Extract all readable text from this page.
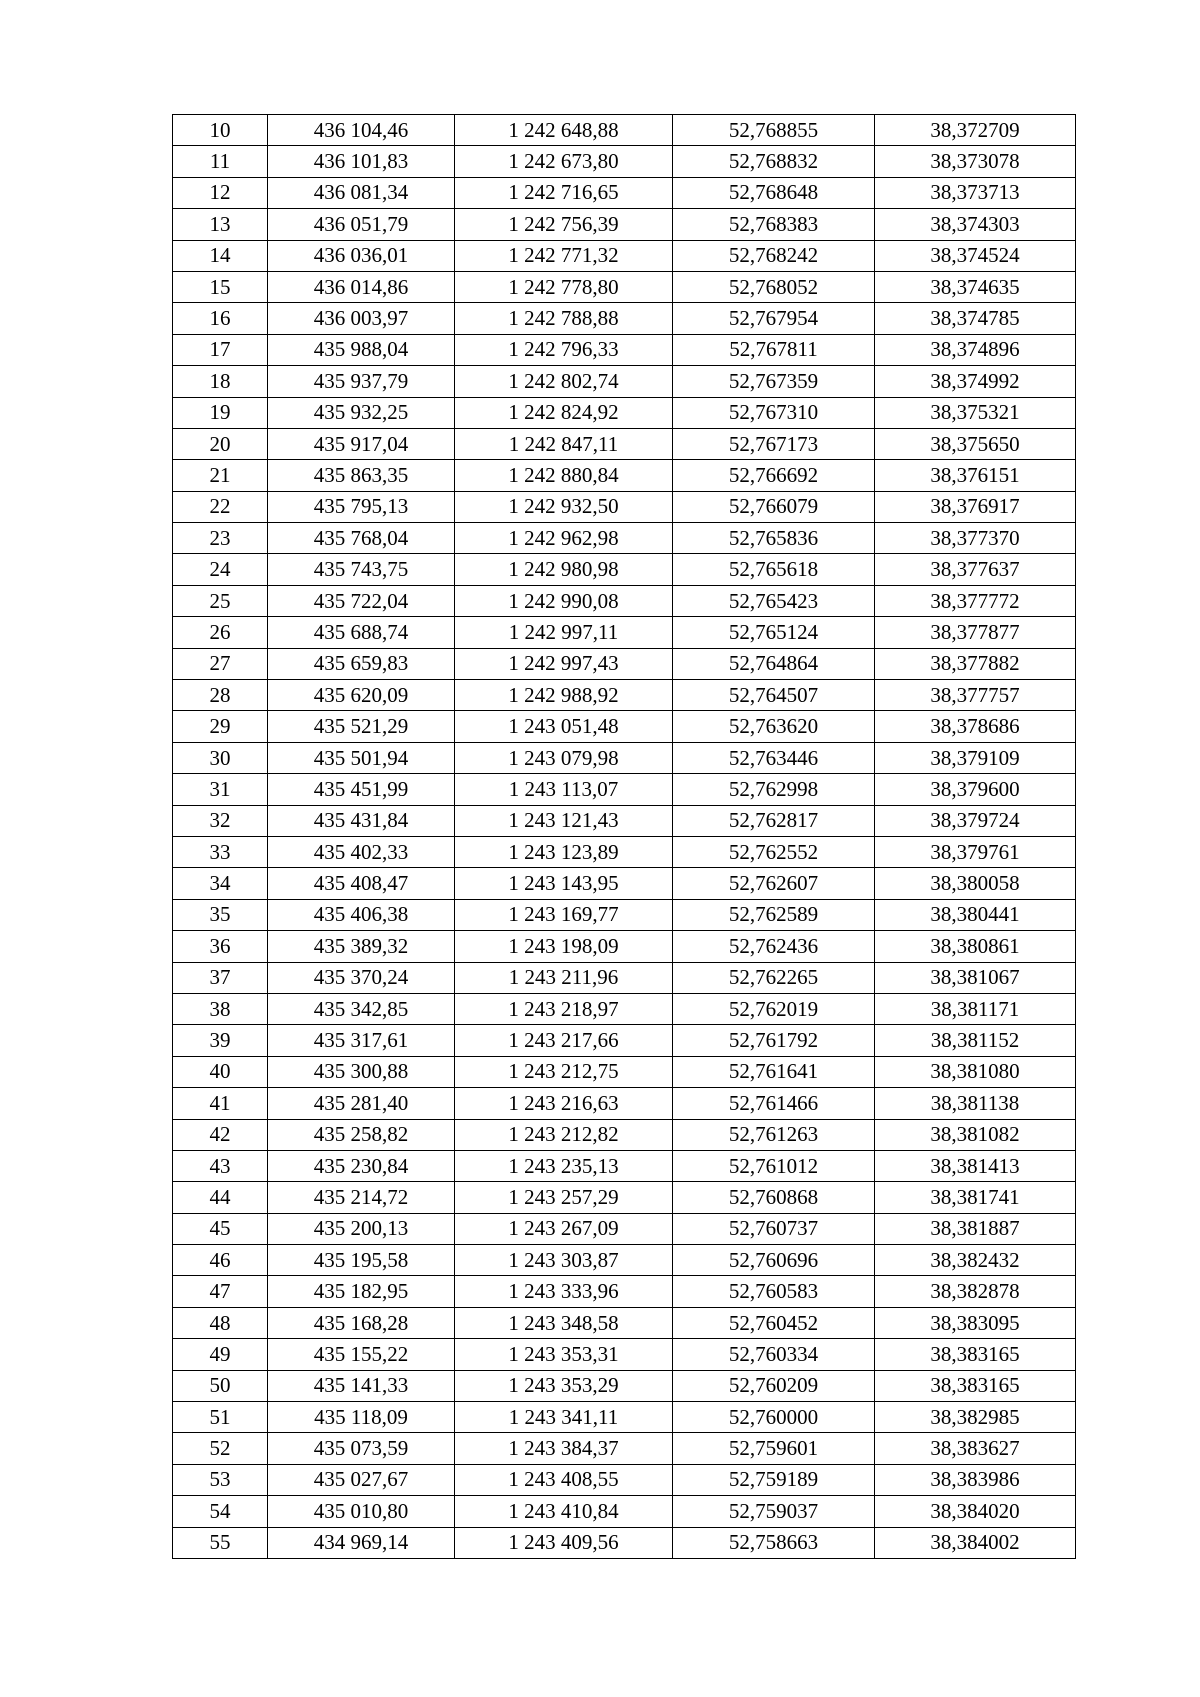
10	436 104,46	1 242 648,88	52,768855	38,372709
11	436 101,83	1 242 673,80	52,768832	38,373078
12	436 081,34	1 242 716,65	52,768648	38,373713
13	436 051,79	1 242 756,39	52,768383	38,374303
14	436 036,01	1 242 771,32	52,768242	38,374524
15	436 014,86	1 242 778,80	52,768052	38,374635
16	436 003,97	1 242 788,88	52,767954	38,374785
17	435 988,04	1 242 796,33	52,767811	38,374896
18	435 937,79	1 242 802,74	52,767359	38,374992
19	435 932,25	1 242 824,92	52,767310	38,375321
20	435 917,04	1 242 847,11	52,767173	38,375650
21	435 863,35	1 242 880,84	52,766692	38,376151
22	435 795,13	1 242 932,50	52,766079	38,376917
23	435 768,04	1 242 962,98	52,765836	38,377370
24	435 743,75	1 242 980,98	52,765618	38,377637
25	435 722,04	1 242 990,08	52,765423	38,377772
26	435 688,74	1 242 997,11	52,765124	38,377877
27	435 659,83	1 242 997,43	52,764864	38,377882
28	435 620,09	1 242 988,92	52,764507	38,377757
29	435 521,29	1 243 051,48	52,763620	38,378686
30	435 501,94	1 243 079,98	52,763446	38,379109
31	435 451,99	1 243 113,07	52,762998	38,379600
32	435 431,84	1 243 121,43	52,762817	38,379724
33	435 402,33	1 243 123,89	52,762552	38,379761
34	435 408,47	1 243 143,95	52,762607	38,380058
35	435 406,38	1 243 169,77	52,762589	38,380441
36	435 389,32	1 243 198,09	52,762436	38,380861
37	435 370,24	1 243 211,96	52,762265	38,381067
38	435 342,85	1 243 218,97	52,762019	38,381171
39	435 317,61	1 243 217,66	52,761792	38,381152
40	435 300,88	1 243 212,75	52,761641	38,381080
41	435 281,40	1 243 216,63	52,761466	38,381138
42	435 258,82	1 243 212,82	52,761263	38,381082
43	435 230,84	1 243 235,13	52,761012	38,381413
44	435 214,72	1 243 257,29	52,760868	38,381741
45	435 200,13	1 243 267,09	52,760737	38,381887
46	435 195,58	1 243 303,87	52,760696	38,382432
47	435 182,95	1 243 333,96	52,760583	38,382878
48	435 168,28	1 243 348,58	52,760452	38,383095
49	435 155,22	1 243 353,31	52,760334	38,383165
50	435 141,33	1 243 353,29	52,760209	38,383165
51	435 118,09	1 243 341,11	52,760000	38,382985
52	435 073,59	1 243 384,37	52,759601	38,383627
53	435 027,67	1 243 408,55	52,759189	38,383986
54	435 010,80	1 243 410,84	52,759037	38,384020
55	434 969,14	1 243 409,56	52,758663	38,384002
